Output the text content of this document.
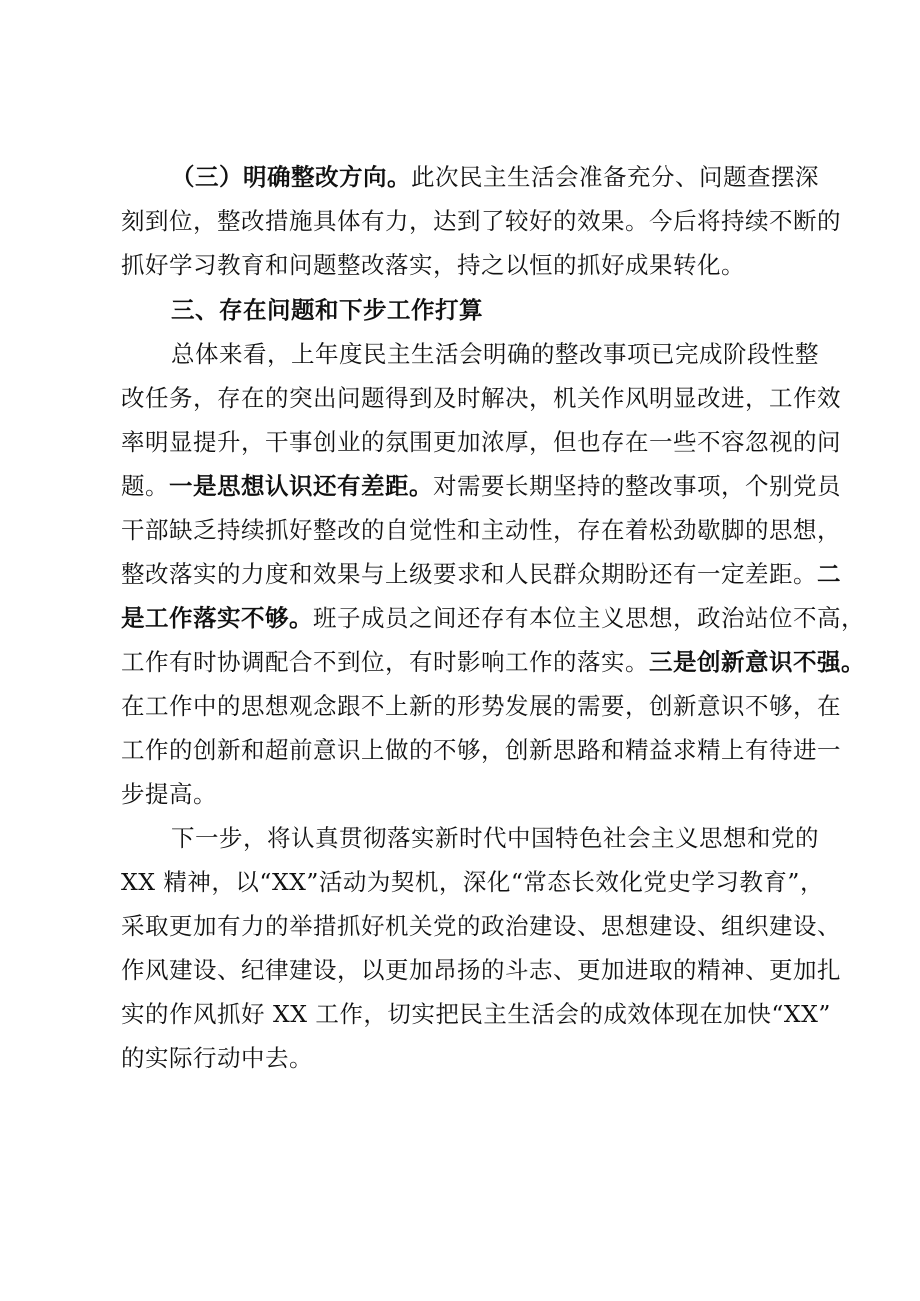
（三）明确整改方向。此次民主生活会准备充分、问题查摆深
刻到位，整改措施具体有力，达到了较好的效果。今后将持续不断的
抓好学习教育和问题整改落实，持之以恒的抓好成果转化。
三、存在问题和下步工作打算
总体来看，上年度民主生活会明确的整改事项已完成阶段性整
改任务，存在的突出问题得到及时解决，机关作风明显改进，工作效
率明显提升，干事创业的氛围更加浓厚，但也存在一些不容忽视的问
题。一是思想认识还有差距。对需要长期坚持的整改事项，个别党员
干部缺乏持续抓好整改的自觉性和主动性，存在着松劲歇脚的思想，
整改落实的力度和效果与上级要求和人民群众期盼还有一定差距。二
是工作落实不够。班子成员之间还存有本位主义思想，政治站位不高，
工作有时协调配合不到位，有时影响工作的落实。三是创新意识不强。
在工作中的思想观念跟不上新的形势发展的需要，创新意识不够，在
工作的创新和超前意识上做的不够，创新思路和精益求精上有待进一
步提高。
下一步，将认真贯彻落实新时代中国特色社会主义思想和党的
XX 精神，以“XX”活动为契机，深化“常态长效化党史学习教育”，
采取更加有力的举措抓好机关党的政治建设、思想建设、组织建设、
作风建设、纪律建设，以更加昂扬的斗志、更加进取的精神、更加扎
实的作风抓好 XX 工作，切实把民主生活会的成效体现在加快“XX”
的实际行动中去。
